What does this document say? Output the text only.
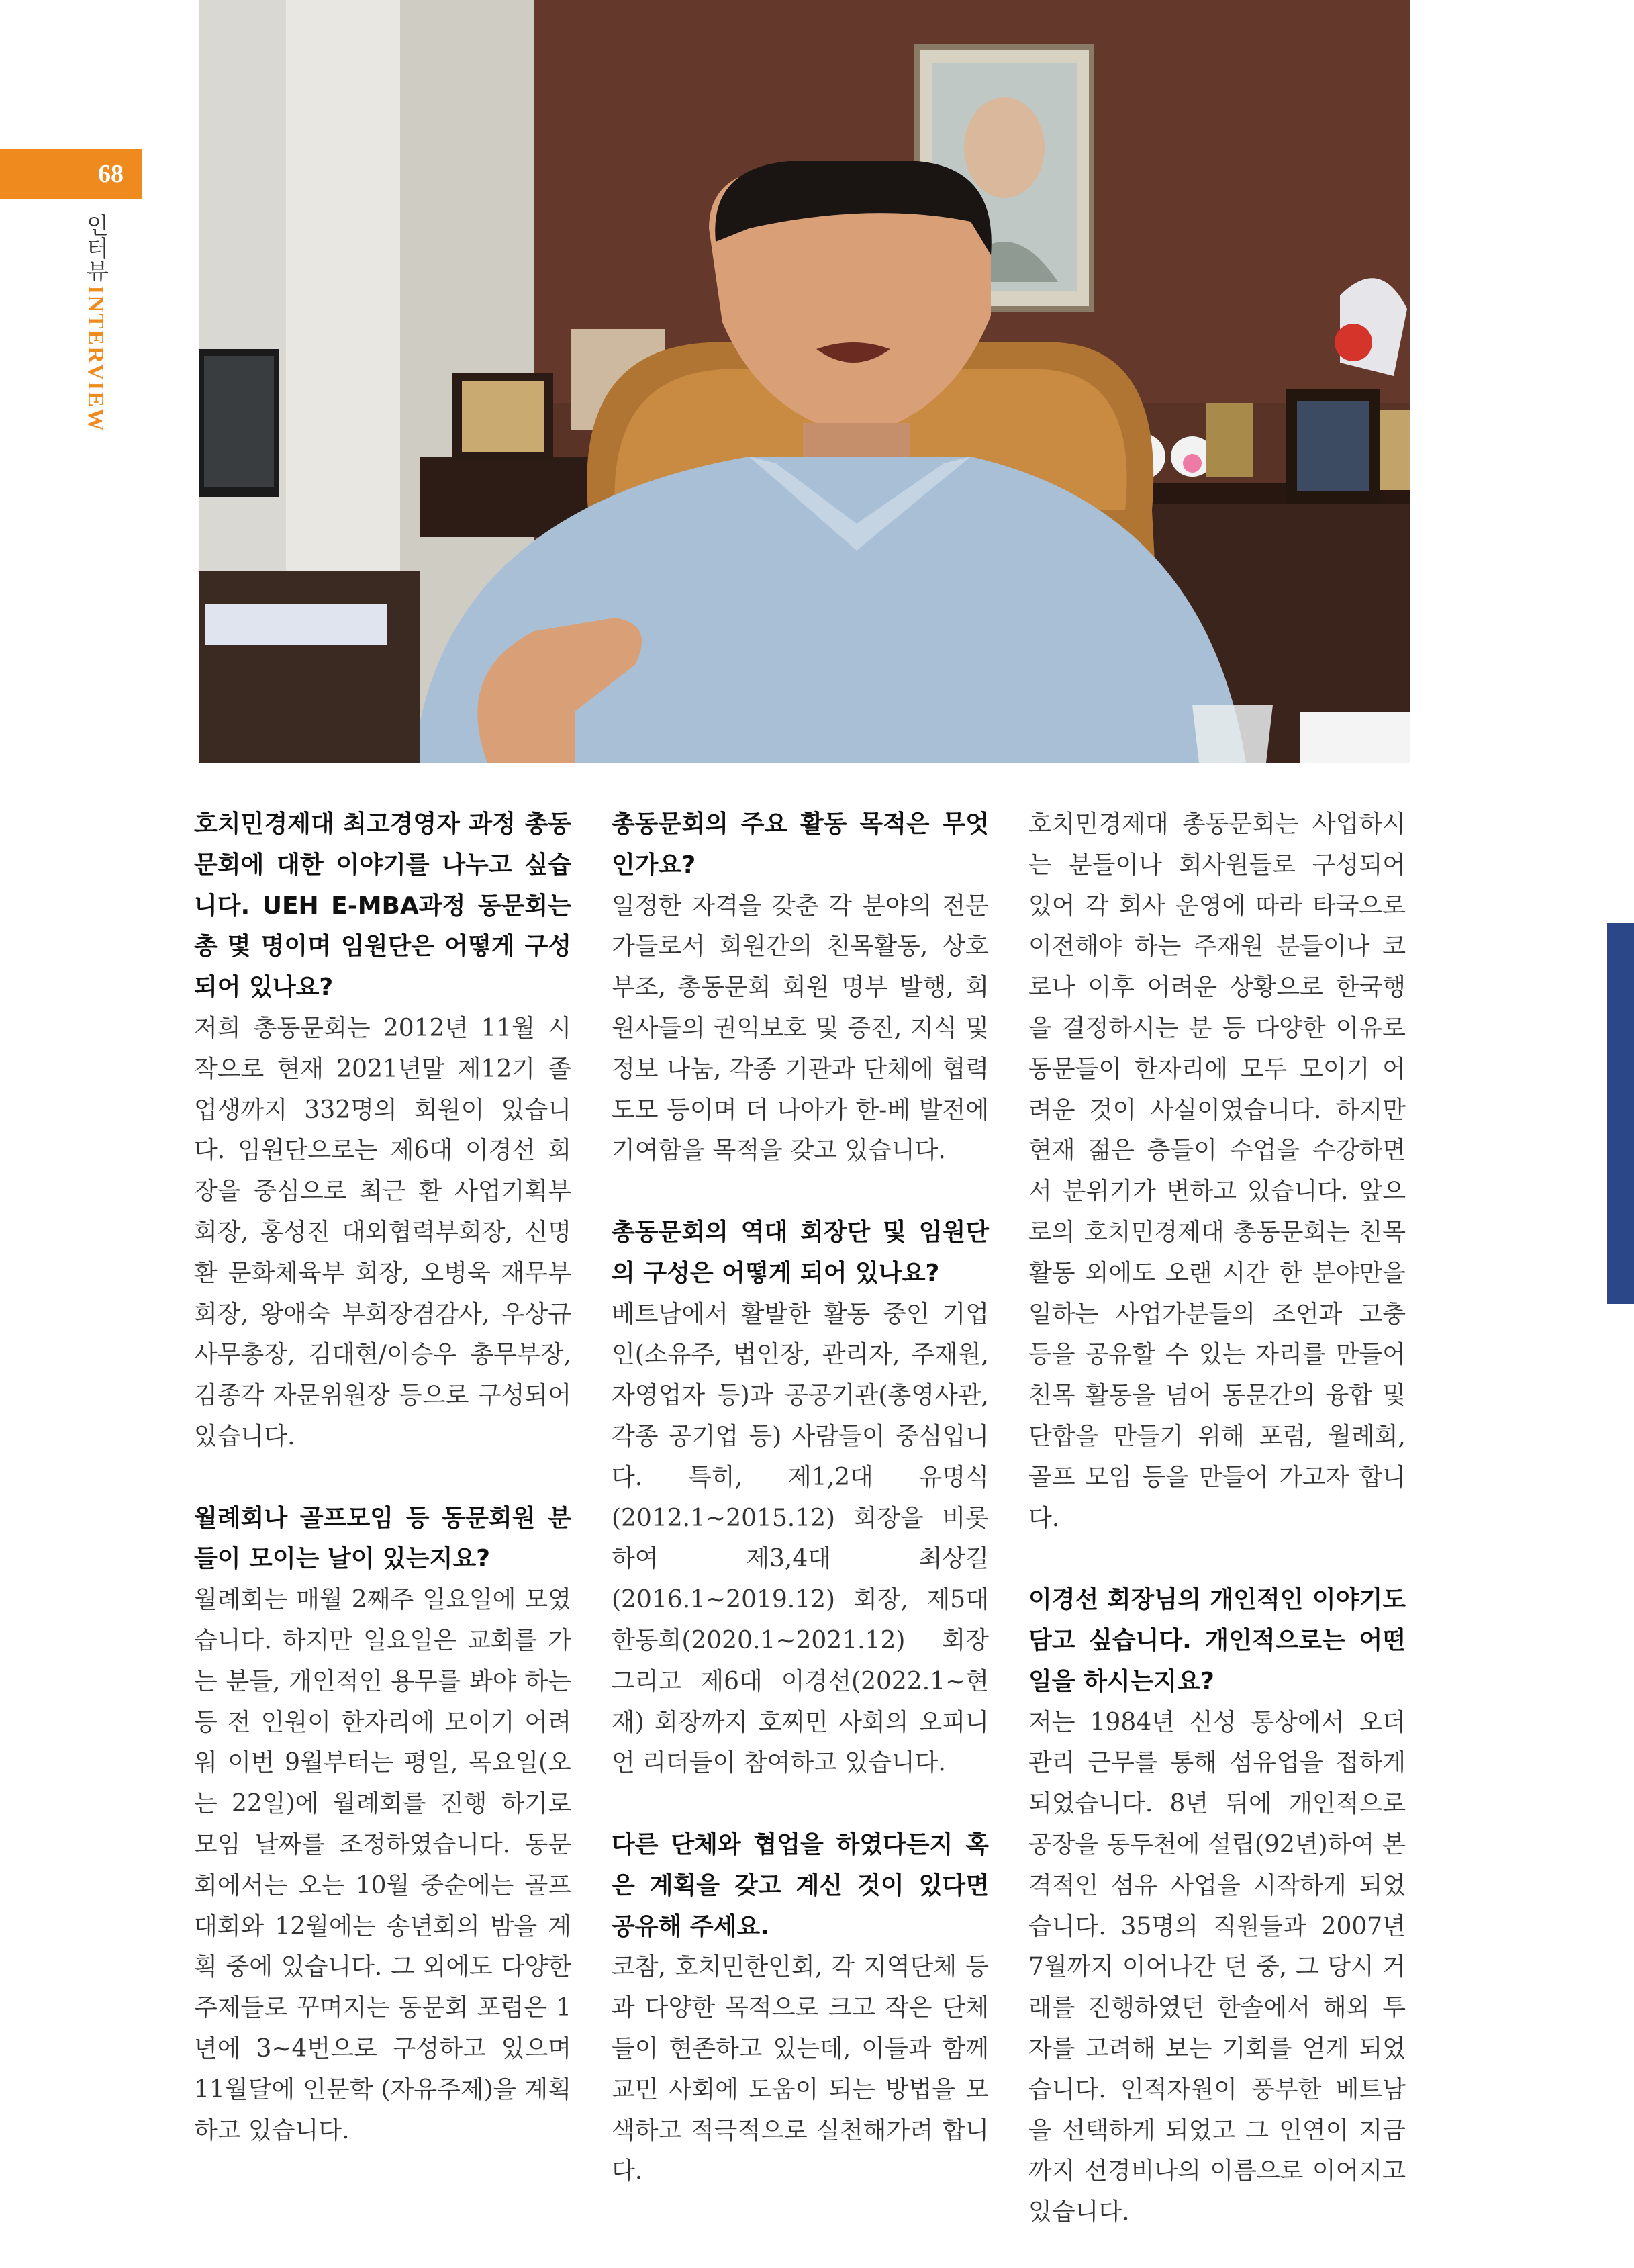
68
인터뷰 INTERVIEW
호치민경제대 최고경영자 과정 총동문회에 대한 이야기를 나누고 싶습니다. UEH E-MBA과정 동문회는 총 몇 명이며 임원단은 어떻게 구성 되어 있나요?

저희 총동문회는 2012년 11월 시작으로 현재 2021년말 제12기 졸업생까지 332명의 회원이 있습니다. 임원단으로는 제6대 이경선 회장을 중심으로 최근 환 사업기획부회장, 홍성진 대외협력부회장, 신명환 문화체육부 회장, 오병욱 재무부회장, 왕애숙 부회장겸감사, 우상규 사무총장, 김대현/이승우 총무부장, 김종각 자문위원장 등으로 구성되어 있습니다.

월례회나 골프모임 등 동문회원 분들이 모이는 날이 있는지요?

월례회는 매월 2째주 일요일에 모였습니다. 하지만 일요일은 교회를 가는 분들, 개인적인 용무를 봐야 하는 등 전 인원이 한자리에 모이기 어려워 이번 9월부터는 평일, 목요일(오는 22일)에 월례회를 진행 하기로 모임 날짜를 조정하였습니다. 동문회에서는 오는 10월 중순에는 골프대회와 12월에는 송년회의 밤을 계획 중에 있습니다. 그 외에도 다양한 주제들로 꾸며지는 동문회 포럼은 1년에 3~4번으로 구성하고 있으며 11월달에 인문학 (자유주제)을 계획하고 있습니다.

총동문회의 주요 활동 목적은 무엇인가요?

일정한 자격을 갖춘 각 분야의 전문가들로서 회원간의 친목활동, 상호부조, 총동문회 회원 명부 발행, 회원사들의 권익보호 및 증진, 지식 및 정보 나눔, 각종 기관과 단체에 협력 도모 등이며 더 나아가 한-베 발전에 기여함을 목적을 갖고 있습니다.

총동문회의 역대 회장단 및 임원단의 구성은 어떻게 되어 있나요?

베트남에서 활발한 활동 중인 기업인(소유주, 법인장, 관리자, 주재원, 자영업자 등)과 공공기관(총영사관, 각종 공기업 등) 사람들이 중심입니다. 특히, 제1,2대 유명식(2012.1~2015.12) 회장을 비롯하여 제3,4대 최상길(2016.1~2019.12) 회장, 제5대 한동희(2020.1~2021.12) 회장 그리고 제6대 이경선(2022.1~현재) 회장까지 호찌민 사회의 오피니언 리더들이 참여하고 있습니다.

다른 단체와 협업을 하였다든지 혹은 계획을 갖고 계신 것이 있다면 공유해 주세요.

코참, 호치민한인회, 각 지역단체 등과 다양한 목적으로 크고 작은 단체들이 현존하고 있는데, 이들과 함께 교민 사회에 도움이 되는 방법을 모색하고 적극적으로 실천해가려 합니다.

호치민경제대 총동문회는 사업하시는 분들이나 회사원들로 구성되어 있어 각 회사 운영에 따라 타국으로 이전해야 하는 주재원 분들이나 코로나 이후 어려운 상황으로 한국행을 결정하시는 분 등 다양한 이유로 동문들이 한자리에 모두 모이기 어려운 것이 사실이였습니다. 하지만 현재 젊은 층들이 수업을 수강하면서 분위기가 변하고 있습니다. 앞으로의 호치민경제대 총동문회는 친목활동 외에도 오랜 시간 한 분야만을 일하는 사업가분들의 조언과 고충 등을 공유할 수 있는 자리를 만들어 친목 활동을 넘어 동문간의 융합 및 단합을 만들기 위해 포럼, 월례회, 골프 모임 등을 만들어 가고자 합니다.

이경선 회장님의 개인적인 이야기도 담고 싶습니다. 개인적으로는 어떤 일을 하시는지요?

저는 1984년 신성 통상에서 오더 관리 근무를 통해 섬유업을 접하게 되었습니다. 8년 뒤에 개인적으로 공장을 동두천에 설립(92년)하여 본격적인 섬유 사업을 시작하게 되었습니다. 35명의 직원들과 2007년 7월까지 이어나간 던 중, 그 당시 거래를 진행하였던 한솔에서 해외 투자를 고려해 보는 기회를 얻게 되었습니다. 인적자원이 풍부한 베트남을 선택하게 되었고 그 인연이 지금까지 선경비나의 이름으로 이어지고 있습니다.
